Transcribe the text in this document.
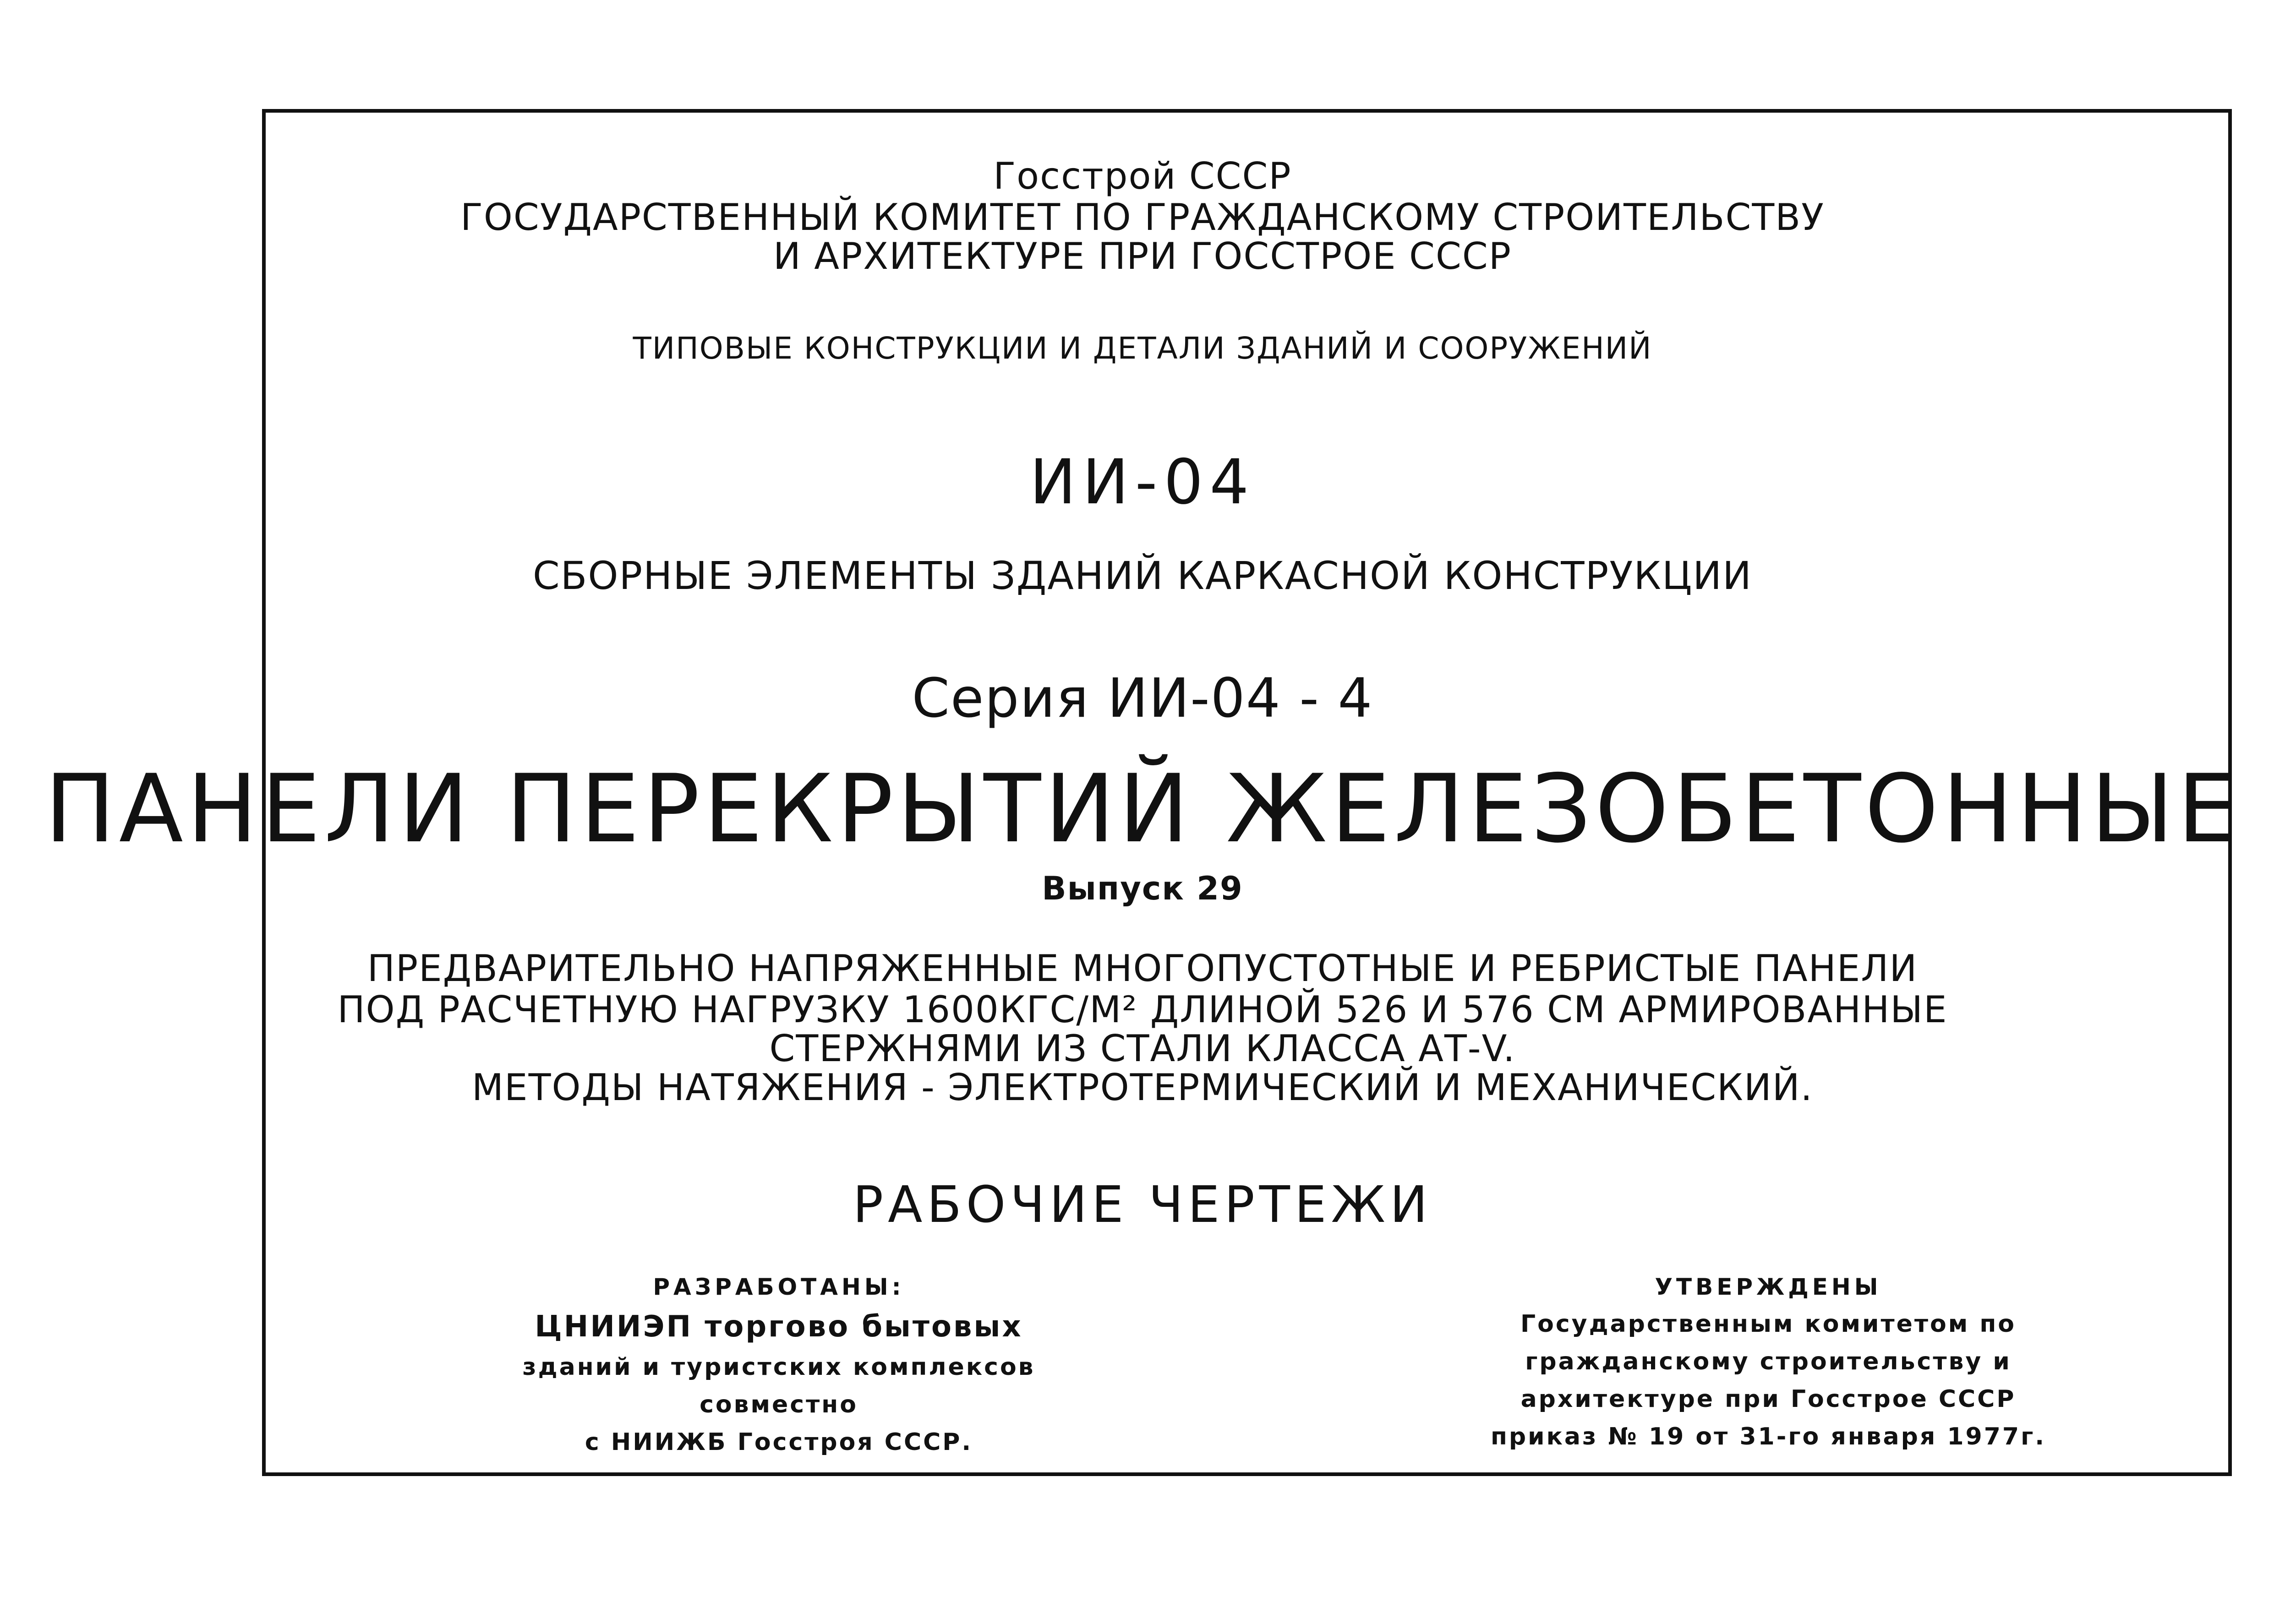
Госстрой СССР
ГОСУДАРСТВЕННЫЙ КОМИТЕТ ПО ГРАЖДАНСКОМУ СТРОИТЕЛЬСТВУ
И АРХИТЕКТУРЕ ПРИ ГОССТРОЕ СССР
ТИПОВЫЕ КОНСТРУКЦИИ И ДЕТАЛИ ЗДАНИЙ И СООРУЖЕНИЙ
ИИ-04
СБОРНЫЕ ЭЛЕМЕНТЫ ЗДАНИЙ КАРКАСНОЙ КОНСТРУКЦИИ
Серия ИИ-04 - 4
ПАНЕЛИ ПЕРЕКРЫТИЙ ЖЕЛЕЗОБЕТОННЫЕ
Выпуск 29
ПРЕДВАРИТЕЛЬНО НАПРЯЖЕННЫЕ МНОГОПУСТОТНЫЕ И РЕБРИСТЫЕ ПАНЕЛИ
ПОД РАСЧЕТНУЮ НАГРУЗКУ 1600КГС/М² ДЛИНОЙ 526 И 576 СМ АРМИРОВАННЫЕ
СТЕРЖНЯМИ ИЗ СТАЛИ КЛАССА AТ-V.
МЕТОДЫ НАТЯЖЕНИЯ - ЭЛЕКТРОТЕРМИЧЕСКИЙ И МЕХАНИЧЕСКИЙ.
РАБОЧИЕ ЧЕРТЕЖИ
РАЗРАБОТАНЫ:
ЦНИИЭП торгово бытовых
зданий и туристских комплексов
совместно
с НИИЖБ Госстроя СССР.
УТВЕРЖДЕНЫ
Государственным комитетом по
гражданскому строительству и
архитектуре при Госстрое СССР
приказ № 19 от 31-го января 1977г.
